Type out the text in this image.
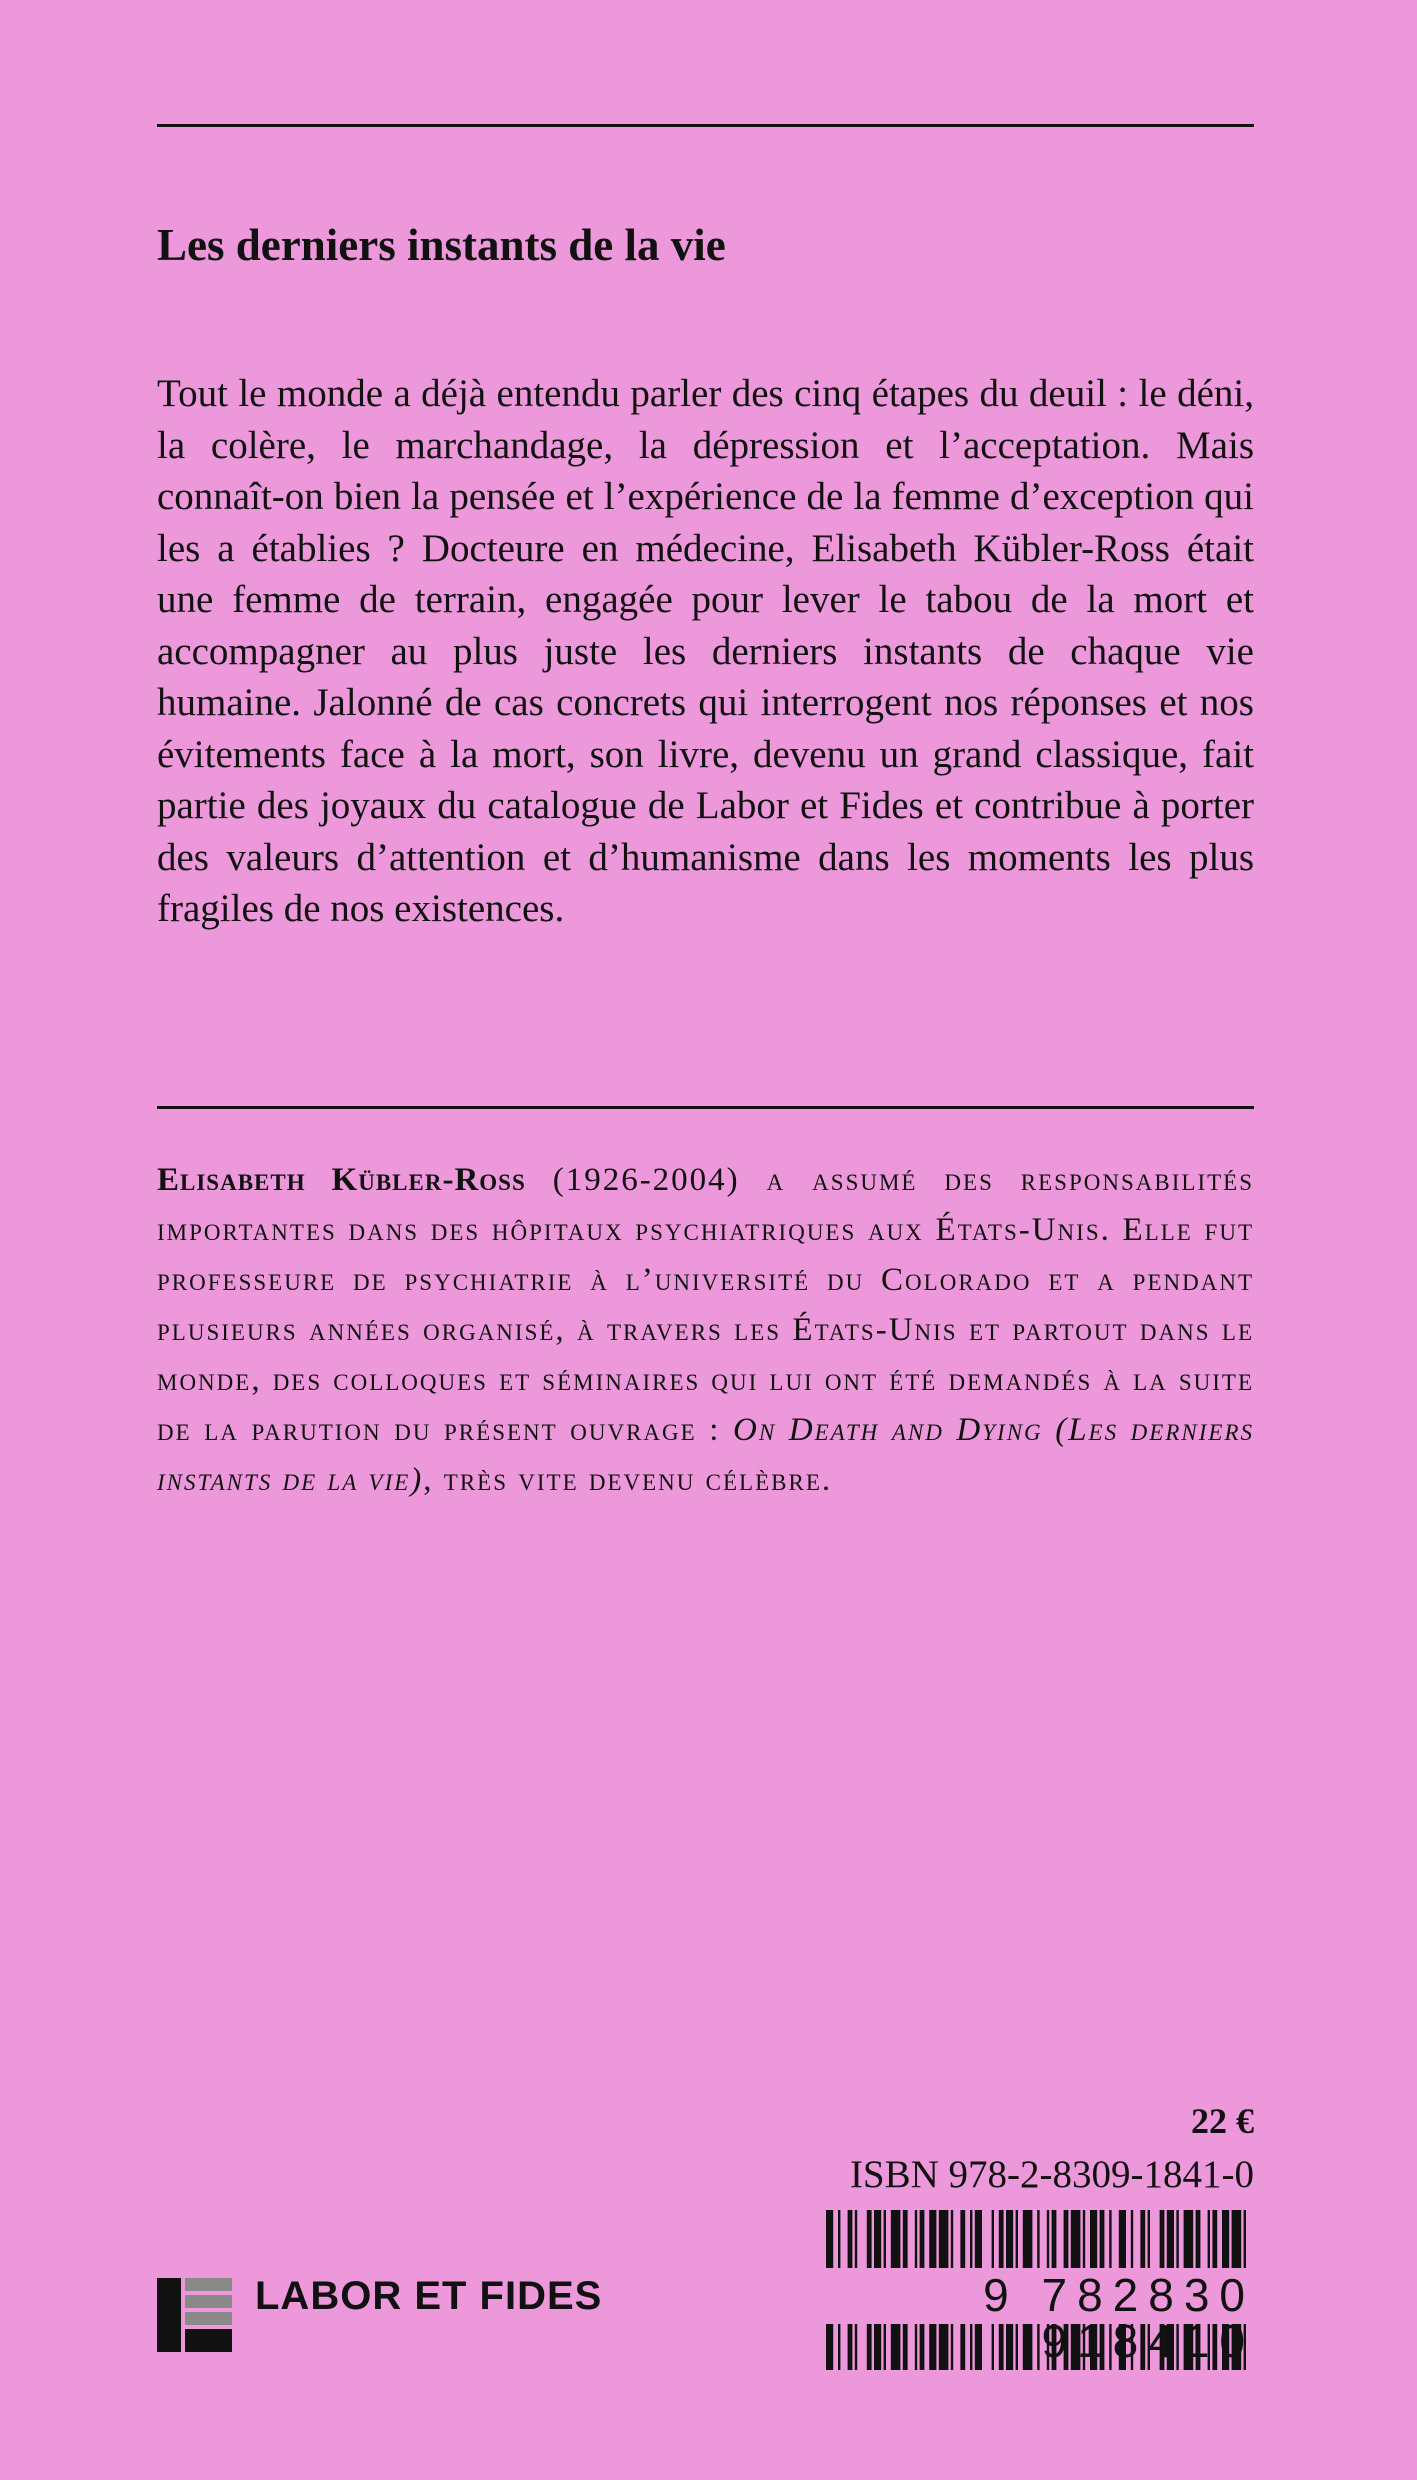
Les derniers instants de la vie

Tout le monde a déjà entendu parler des cinq étapes du deuil : le déni, la colère, le marchandage, la dépression et l’acceptation. Mais connaît-on bien la pensée et l’expérience de la femme d’exception qui les a établies ? Docteure en médecine, Elisabeth Kübler-Ross était une femme de terrain, engagée pour lever le tabou de la mort et accompagner au plus juste les derniers instants de chaque vie humaine. Jalonné de cas concrets qui interrogent nos réponses et nos évitements face à la mort, son livre, devenu un grand classique, fait partie des joyaux du catalogue de Labor et Fides et contribue à porter des valeurs d’attention et d’humanisme dans les moments les plus fragiles de nos existences.

Elisabeth Kübler-Ross (1926-2004) a assumé des responsabilités importantes dans des hôpitaux psychiatriques aux États-Unis. Elle fut professeure de psychiatrie à l’université du Colorado et a pendant plusieurs années organisé, à travers les États-Unis et partout dans le monde, des colloques et séminaires qui lui ont été demandés à la suite de la parution du présent ouvrage : On Death and Dying (Les derniers instants de la vie), très vite devenu célèbre.

22 €
ISBN 978-2-8309-1841-0
9 782830 918410
LABOR ET FIDES
